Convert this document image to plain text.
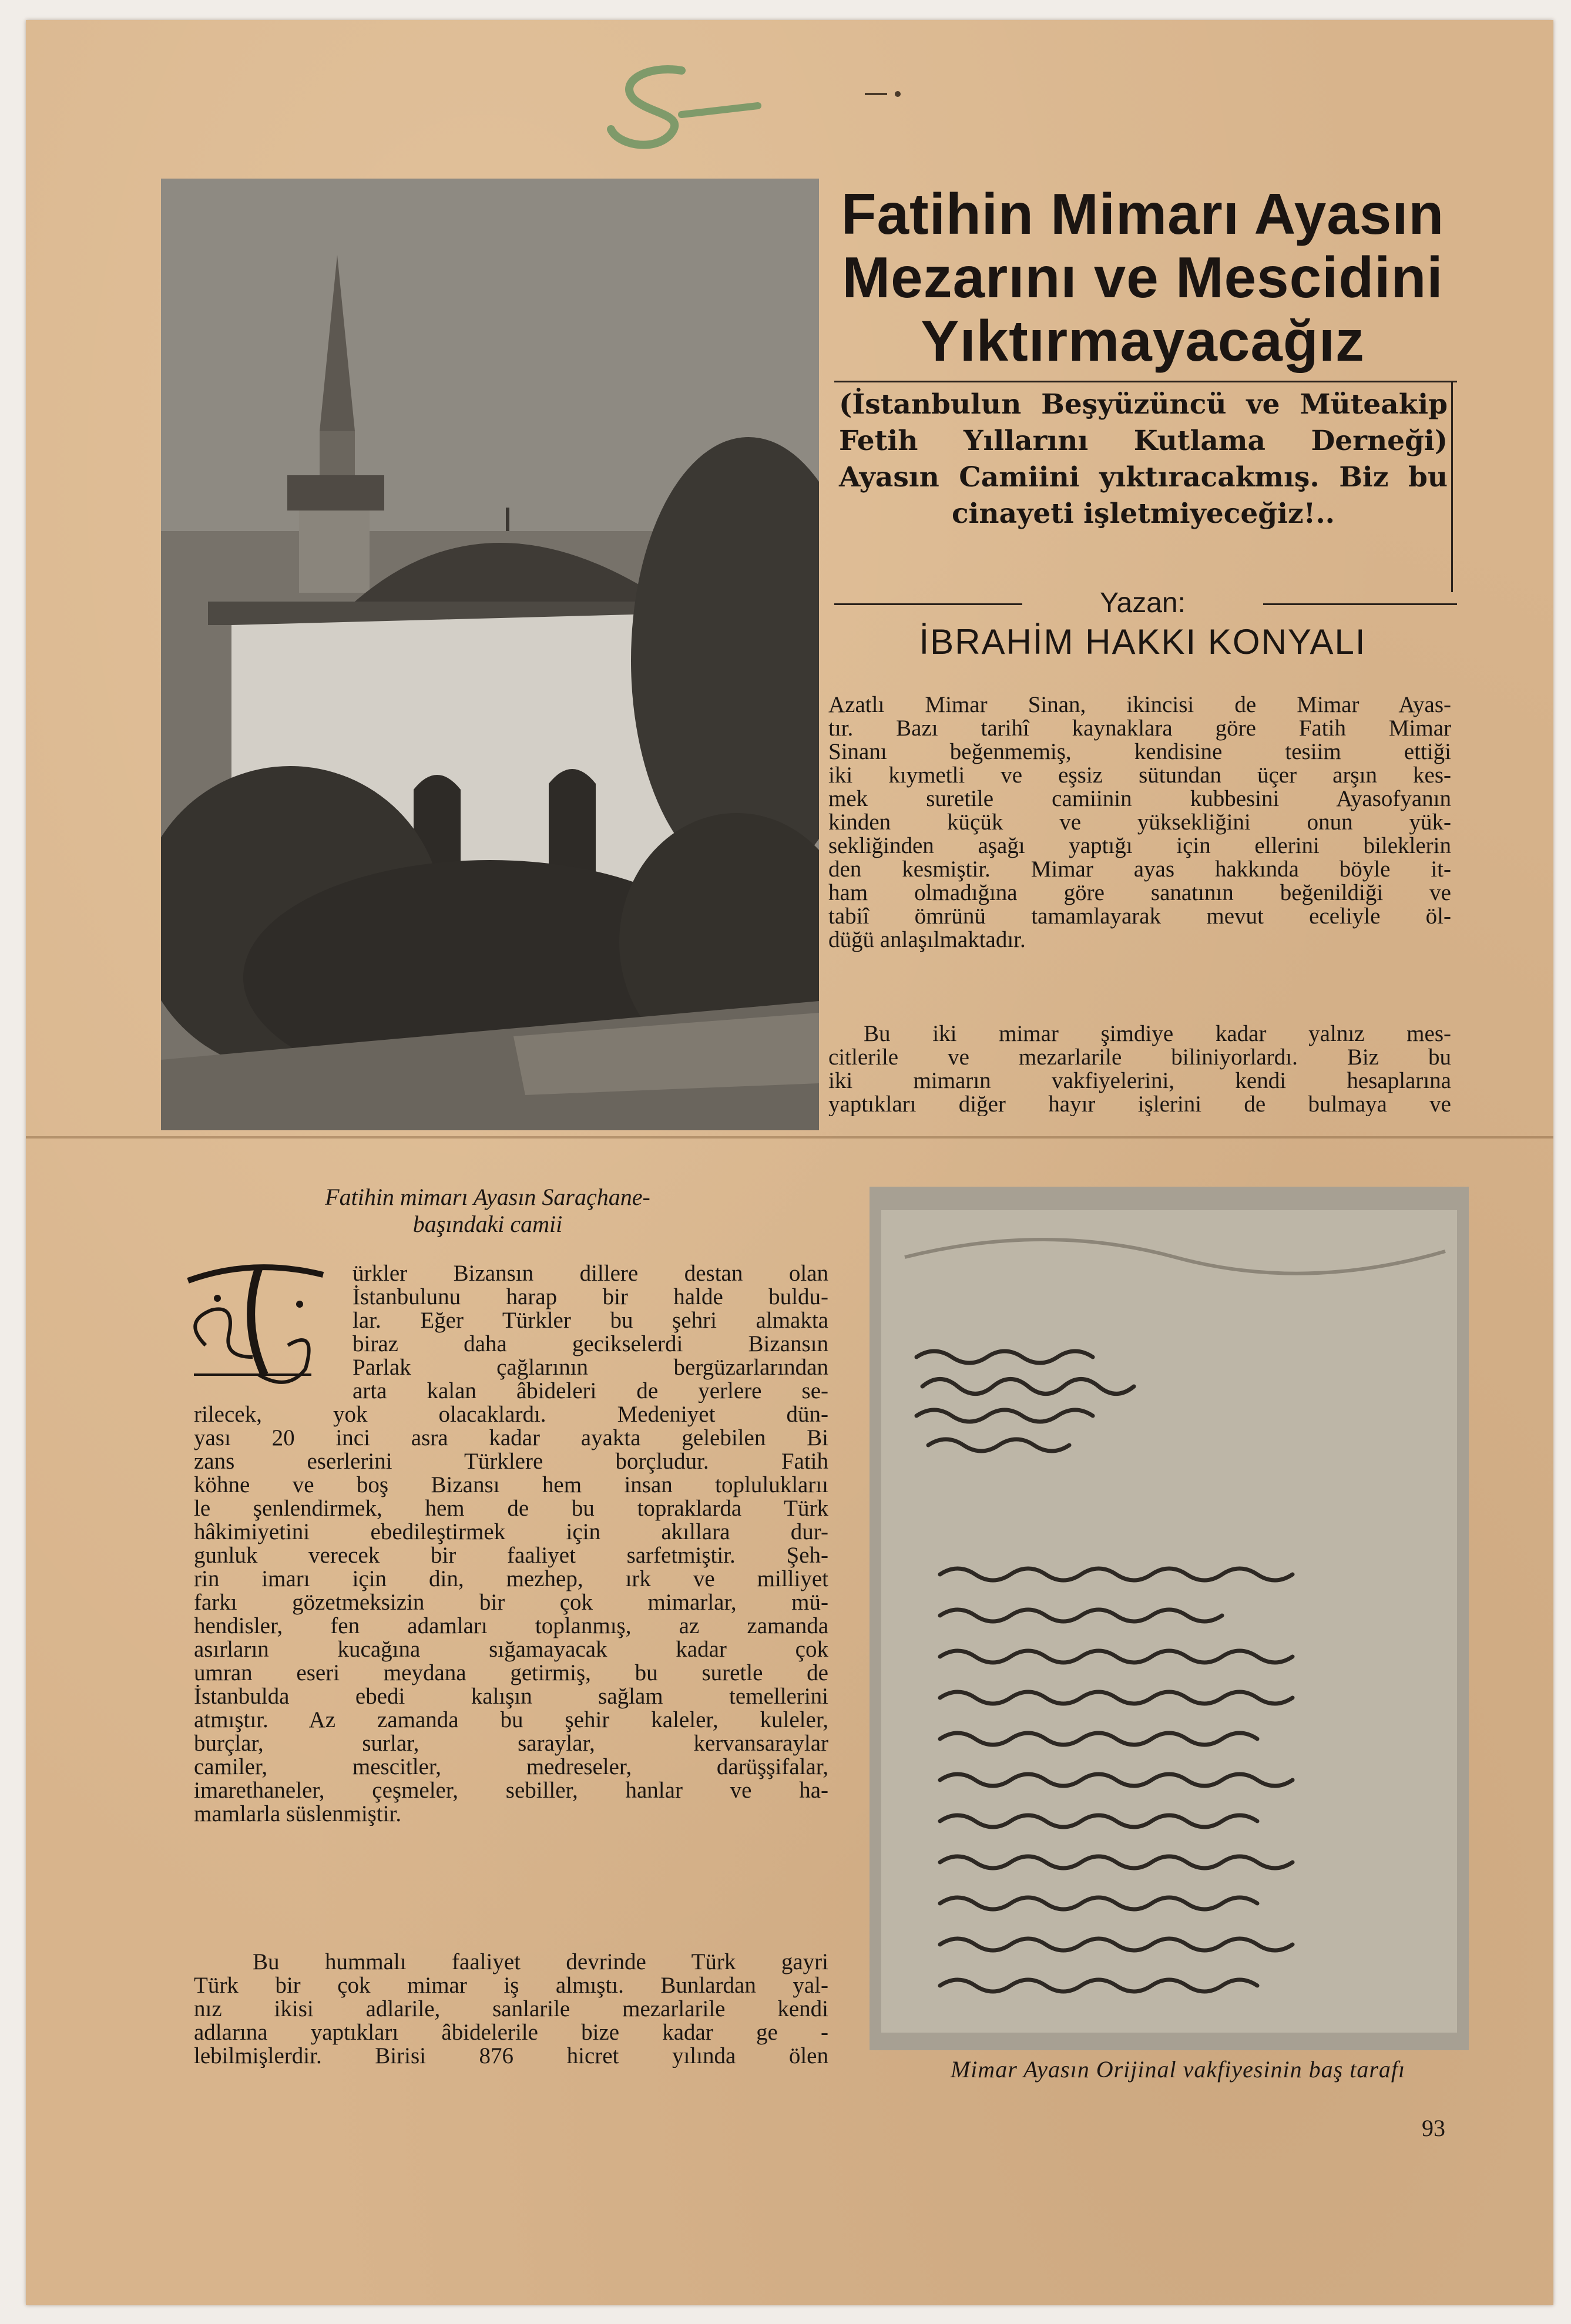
Fatihin Mimarı Ayasın
Mezarını ve Mescidini
Yıktırmayacağız
(İstanbulun Beşyüzüncü ve Müteakip Fetih Yıllarını Kutlama Derneği) Ayasın Camiini yıktıracakmış. Biz bu cinayeti işletmiyeceğiz!..
Yazan:
İBRAHİM HAKKI KONYALI
Azatlı Mimar Sinan, ikincisi de Mimar Ayas-
tır. Bazı tarihî kaynaklara göre Fatih Mimar
Sinanı beğenmemiş, kendisine tesiim ettiği
iki kıymetli ve eşsiz sütundan üçer arşın kes-
mek suretile camiinin kubbesini Ayasofyanın
kinden küçük ve yüksekliğini onun yük-
sekliğinden aşağı yaptığı için ellerini bileklerin
den kesmiştir. Mimar ayas hakkında böyle it-
ham olmadığına göre sanatının beğenildiği ve
tabiî ömrünü tamamlayarak mevut eceliyle öl-
düğü anlaşılmaktadır.
Bu iki mimar şimdiye kadar yalnız mes-
citlerile ve mezarlarile biliniyorlardı. Biz bu
iki mimarın vakfiyelerini, kendi hesaplarına
yaptıkları diğer hayır işlerini de bulmaya ve
Fatihin mimarı Ayasın Saraçhane-
başındaki camii
ürkler Bizansın dillere destan olan
İstanbulunu harap bir halde buldu-
lar. Eğer Türkler bu şehri almakta
biraz daha gecikselerdi Bizansın
Parlak çağlarının bergüzarlarından
arta kalan âbideleri de yerlere se-
rilecek, yok olacaklardı. Medeniyet dün-
yası 20 inci asra kadar ayakta gelebilen Bi
zans eserlerini Türklere borçludur. Fatih
köhne ve boş Bizansı hem insan topluluklarıı
le şenlendirmek, hem de bu topraklarda Türk
hâkimiyetini ebedileştirmek için akıllara dur-
gunluk verecek bir faaliyet sarfetmiştir. Şeh-
rin imarı için din, mezhep, ırk ve milliyet
farkı gözetmeksizin bir çok mimarlar, mü-
hendisler, fen adamları toplanmış, az zamanda
asırların kucağına sığamayacak kadar çok
umran eseri meydana getirmiş, bu suretle de
İstanbulda ebedi kalışın sağlam temellerini
atmıştır. Az zamanda bu şehir kaleler, kuleler,
burçlar, surlar, saraylar, kervansaraylar
camiler, mescitler, medreseler, darüşşifalar,
imarethaneler, çeşmeler, sebiller, hanlar ve ha-
mamlarla süslenmiştir.
Bu hummalı faaliyet devrinde Türk gayri
Türk bir çok mimar iş almıştı. Bunlardan yal-
nız ikisi adlarile, sanlarile mezarlarile kendi
adlarına yaptıkları âbidelerile bize kadar ge -
lebilmişlerdir. Birisi 876 hicret yılında ölen
Mimar Ayasın Orijinal vakfiyesinin baş tarafı
93
